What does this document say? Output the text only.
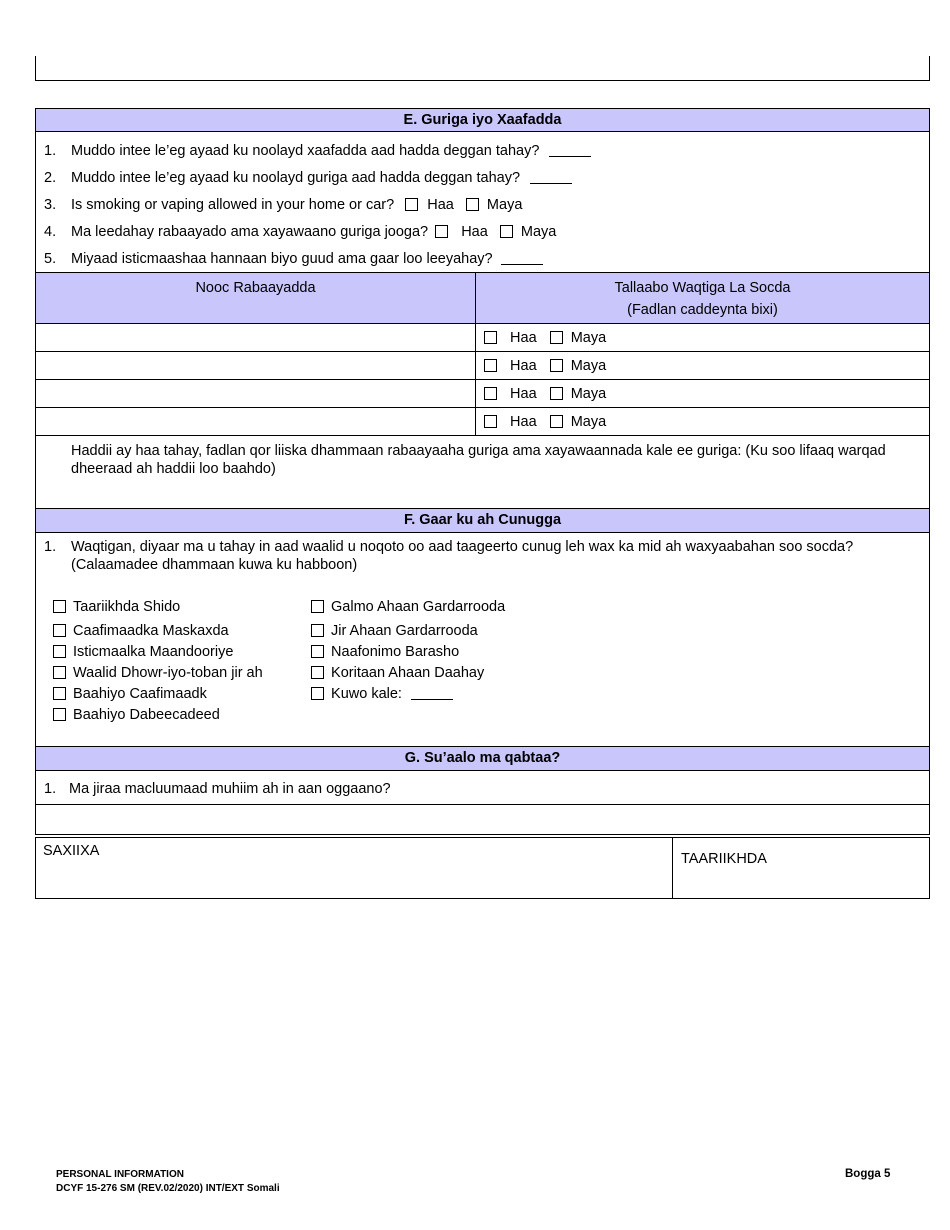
E. Guriga iyo Xaafadda
1. Muddo intee le’eg ayaad ku noolayd xaafadda aad hadda deggan tahay?
2. Muddo intee le’eg ayaad ku noolayd guriga aad hadda deggan tahay?
3. Is smoking or vaping allowed in your home or car? Haa Maya
4. Ma leedahay rabaayado ama xayawaano guriga jooga? Haa Maya
5. Miyaad isticmaashaa hannaan biyo guud ama gaar loo leeyahay?
Nooc Rabaayadda	Tallaabo Waqtiga La Socda
(Fadlan caddeynta bixi)
Haa Maya
Haa Maya
Haa Maya
Haa Maya
Haddii ay haa tahay, fadlan qor liiska dhammaan rabaayaaha guriga ama xayawaannada kale ee guriga: (Ku soo lifaaq warqad dheeraad ah haddii loo baahdo)
F. Gaar ku ah Cunugga
1. Waqtigan, diyaar ma u tahay in aad waalid u noqoto oo aad taageerto cunug leh wax ka mid ah waxyaabahan soo socda?
(Calaamadee dhammaan kuwa ku habboon)
Taariikhda Shido
Caafimaadka Maskaxda
Isticmaalka Maandooriye
Waalid Dhowr-iyo-toban jir ah
Baahiyo Caafimaadk
Baahiyo Dabeecadeed
Galmo Ahaan Gardarrooda
Jir Ahaan Gardarrooda
Naafonimo Barasho
Koritaan Ahaan Daahay
Kuwo kale:
G. Su’aalo ma qabtaa?
1. Ma jiraa macluumaad muhiim ah in aan oggaano?
SAXIIXA	TAARIIKHDA
PERSONAL INFORMATION
DCYF 15-276 SM (REV.02/2020) INT/EXT Somali
Bogga 5
